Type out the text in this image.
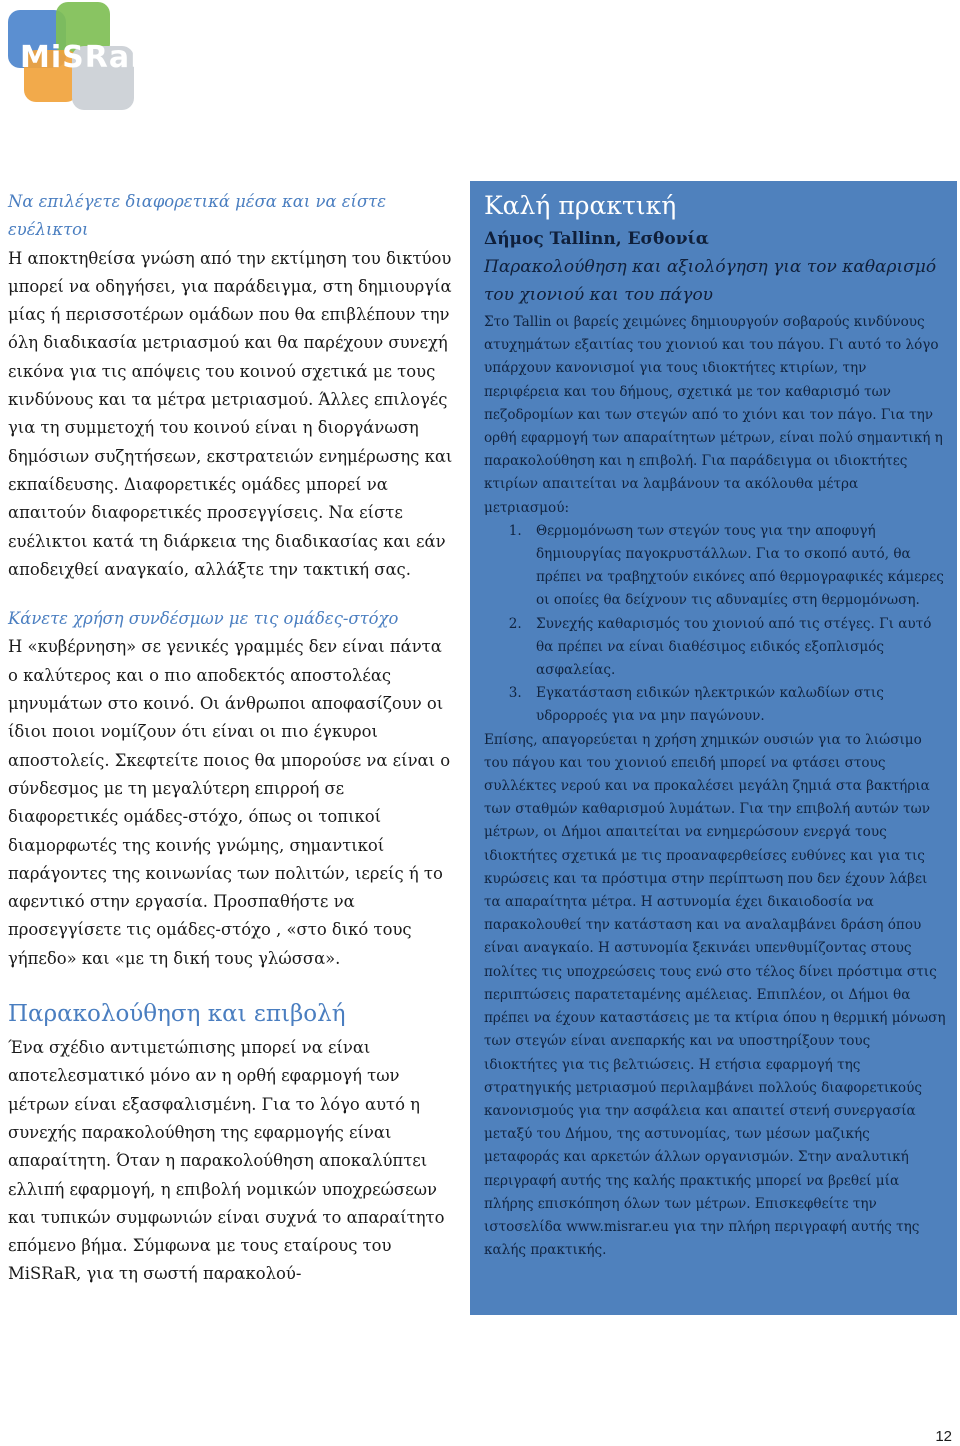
MiSRaR

Να επιλέγετε διαφορετικά μέσα και να είστε ευέλικτοι

Η αποκτηθείσα γνώση από την εκτίμηση του δικτύου μπορεί να οδηγήσει, για παράδειγμα, στη δημιουργία μίας ή περισσοτέρων ομάδων που θα επιβλέπουν την όλη διαδικασία μετριασμού και θα παρέχουν συνεχή εικόνα για τις απόψεις του κοινού σχετικά με τους κινδύνους και τα μέτρα μετριασμού. Άλλες επιλογές για τη συμμετοχή του κοινού είναι η διοργάνωση δημόσιων συζητήσεων, εκστρατειών ενημέρωσης και εκπαίδευσης. Διαφορετικές ομάδες μπορεί να απαιτούν διαφορετικές προσεγγίσεις. Να είστε ευέλικτοι κατά τη διάρκεια της διαδικασίας και εάν αποδειχθεί αναγκαίο, αλλάξτε την τακτική σας.

Κάνετε χρήση συνδέσμων με τις ομάδες-στόχο

Η «κυβέρνηση» σε γενικές γραμμές δεν είναι πάντα ο καλύτερος και ο πιο αποδεκτός αποστολέας μηνυμάτων στο κοινό. Οι άνθρωποι αποφασίζουν οι ίδιοι ποιοι νομίζουν ότι είναι οι πιο έγκυροι αποστολείς. Σκεφτείτε ποιος θα μπορούσε να είναι ο σύνδεσμος με τη μεγαλύτερη επιρροή σε διαφορετικές ομάδες-στόχο, όπως οι τοπικοί διαμορφωτές της κοινής γνώμης, σημαντικοί παράγοντες της κοινωνίας των πολιτών, ιερείς ή το αφεντικό στην εργασία. Προσπαθήστε να προσεγγίσετε τις ομάδες-στόχο , «στο δικό τους γήπεδο» και «με τη δική τους γλώσσα».

Παρακολούθηση και επιβολή

Ένα σχέδιο αντιμετώπισης μπορεί να είναι αποτελεσματικό μόνο αν η ορθή εφαρμογή των μέτρων είναι εξασφαλισμένη. Για το λόγο αυτό η συνεχής παρακολούθηση της εφαρμογής είναι απαραίτητη. Όταν η παρακολούθηση αποκαλύπτει ελλιπή εφαρμογή, η επιβολή νομικών υποχρεώσεων και τυπικών συμφωνιών είναι συχνά το απαραίτητο επόμενο βήμα. Σύμφωνα με τους εταίρους του MiSRaR, για τη σωστή παρακολού-

Καλή πρακτική

Δήμος Tallinn, Εσθονία

Παρακολούθηση και αξιολόγηση για τον καθαρισμό του χιονιού και του πάγου

Στο Tallin οι βαρείς χειμώνες δημιουργούν σοβαρούς κινδύνους ατυχημάτων εξαιτίας του χιονιού και του πάγου. Γι αυτό το λόγο υπάρχουν κανονισμοί για τους ιδιοκτήτες κτιρίων, την περιφέρεια και του δήμους, σχετικά με τον καθαρισμό των πεζοδρομίων και των στεγών από το χιόνι και τον πάγο. Για την ορθή εφαρμογή των απαραίτητων μέτρων, είναι πολύ σημαντική η παρακολούθηση και η επιβολή. Για παράδειγμα οι ιδιοκτήτες κτιρίων απαιτείται να λαμβάνουν τα ακόλουθα μέτρα μετριασμού:

1. Θερμομόνωση των στεγών τους για την αποφυγή δημιουργίας παγοκρυστάλλων. Για το σκοπό αυτό, θα πρέπει να τραβηχτούν εικόνες από θερμογραφικές κάμερες οι οποίες θα δείχνουν τις αδυναμίες στη θερμομόνωση.
2. Συνεχής καθαρισμός του χιονιού από τις στέγες. Γι αυτό θα πρέπει να είναι διαθέσιμος ειδικός εξοπλισμός ασφαλείας.
3. Εγκατάσταση ειδικών ηλεκτρικών καλωδίων στις υδρορρoές για να μην παγώνουν.

Επίσης, απαγορεύεται η χρήση χημικών ουσιών για το λιώσιμο του πάγου και του χιονιού επειδή μπορεί να φτάσει στους συλλέκτες νερού και να προκαλέσει μεγάλη ζημιά στα βακτήρια των σταθμών καθαρισμού λυμάτων. Για την επιβολή αυτών των μέτρων, οι Δήμοι απαιτείται να ενημερώσουν ενεργά τους ιδιοκτήτες σχετικά με τις προαναφερθείσες ευθύνες και για τις κυρώσεις και τα πρόστιμα στην περίπτωση που δεν έχουν λάβει τα απαραίτητα μέτρα. Η αστυνομία έχει δικαιοδοσία να παρακολουθεί την κατάσταση και να αναλαμβάνει δράση όπου είναι αναγκαίο. Η αστυνομία ξεκινάει υπενθυμίζοντας στους πολίτες τις υποχρεώσεις τους ενώ στο τέλος δίνει πρόστιμα στις περιπτώσεις παρατεταμένης αμέλειας. Επιπλέον, οι Δήμοι θα πρέπει να έχουν καταστάσεις με τα κτίρια όπου η θερμική μόνωση των στεγών είναι ανεπαρκής και να υποστηρίξουν τους ιδιοκτήτες για τις βελτιώσεις. Η ετήσια εφαρμογή της στρατηγικής μετριασμού περιλαμβάνει πολλούς διαφορετικούς κανονισμούς για την ασφάλεια και απαιτεί στενή συνεργασία μεταξύ του Δήμου, της αστυνομίας, των μέσων μαζικής μεταφοράς και αρκετών άλλων οργανισμών. Στην αναλυτική περιγραφή αυτής της καλής πρακτικής μπορεί να βρεθεί μία πλήρης επισκόπηση όλων των μέτρων. Επισκεφθείτε την ιστοσελίδα www.misrar.eu για την πλήρη περιγραφή αυτής της καλής πρακτικής.

12
